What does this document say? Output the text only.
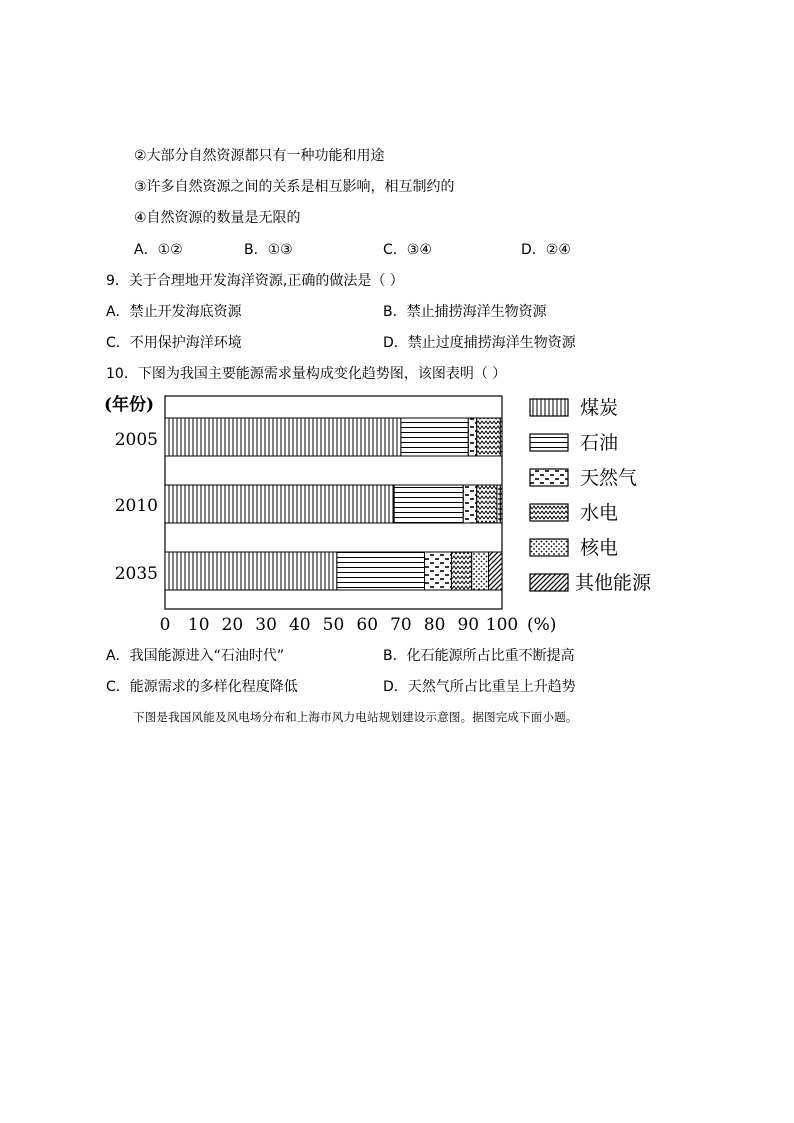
②大部分自然资源都只有一种功能和用途
③许多自然资源之间的关系是相互影响，相互制约的
④自然资源的数量是无限的
A．①②	B．①③	C．③④	D．②④
9．关于合理地开发海洋资源,正确的做法是（ ）
A．禁止开发海底资源	B．禁止捕捞海洋生物资源
C．不用保护海洋环境	D．禁止过度捕捞海洋生物资源
10．下图为我国主要能源需求量构成变化趋势图，该图表明（ ）
(年份)
2005
2010
2035
0 10 20 30 40 50 60 70 80 90 100 (%)
煤炭
石油
天然气
水电
核电
其他能源
A．我国能源进入“石油时代”	B．化石能源所占比重不断提高
C．能源需求的多样化程度降低	D．天然气所占比重呈上升趋势
下图是我国风能及风电场分布和上海市风力电站规划建设示意图。据图完成下面小题。
